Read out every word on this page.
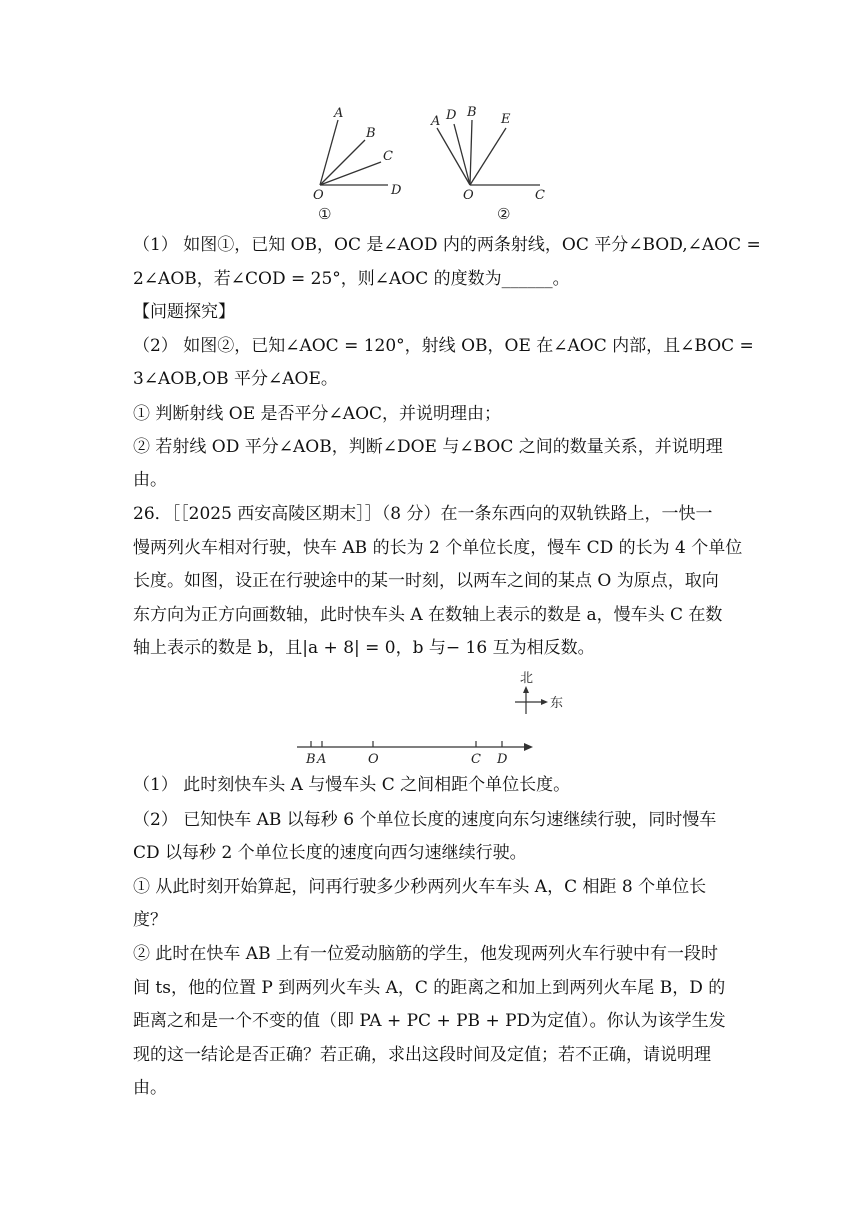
A
B
C
O	D
①
A D B E
O	C
②
（1） 如图①，已知 OB，OC 是∠AOD 内的两条射线，OC 平分∠BOD,∠AOC =
2∠AOB，若∠COD = 25°，则∠AOC 的度数为______。
【问题探究】
（2） 如图②，已知∠AOC = 120°，射线 OB，OE 在∠AOC 内部，且∠BOC =
3∠AOB,OB 平分∠AOE。
① 判断射线 OE 是否平分∠AOC，并说明理由；
② 若射线 OD 平分∠AOB，判断∠DOE 与∠BOC 之间的数量关系，并说明理
由。
26．［［2025 西安高陵区期末］］（8 分）在一条东西向的双轨铁路上，一快一
慢两列火车相对行驶，快车 AB 的长为 2 个单位长度，慢车 CD 的长为 4 个单位
长度。如图，设正在行驶途中的某一时刻，以两车之间的某点 O 为原点，取向
东方向为正方向画数轴，此时快车头 A 在数轴上表示的数是 a，慢车头 C 在数
轴上表示的数是 b，且|a + 8| = 0，b 与− 16 互为相反数。
北
东
B A	O	C D
（1） 此时刻快车头 A 与慢车头 C 之间相距个单位长度。
（2） 已知快车 AB 以每秒 6 个单位长度的速度向东匀速继续行驶，同时慢车
CD 以每秒 2 个单位长度的速度向西匀速继续行驶。
① 从此时刻开始算起，问再行驶多少秒两列火车车头 A，C 相距 8 个单位长
度？
② 此时在快车 AB 上有一位爱动脑筋的学生，他发现两列火车行驶中有一段时
间 ts，他的位置 P 到两列火车头 A，C 的距离之和加上到两列火车尾 B，D 的
距离之和是一个不变的值（即 PA + PC + PB + PD为定值）。你认为该学生发
现的这一结论是否正确？若正确，求出这段时间及定值；若不正确，请说明理
由。
